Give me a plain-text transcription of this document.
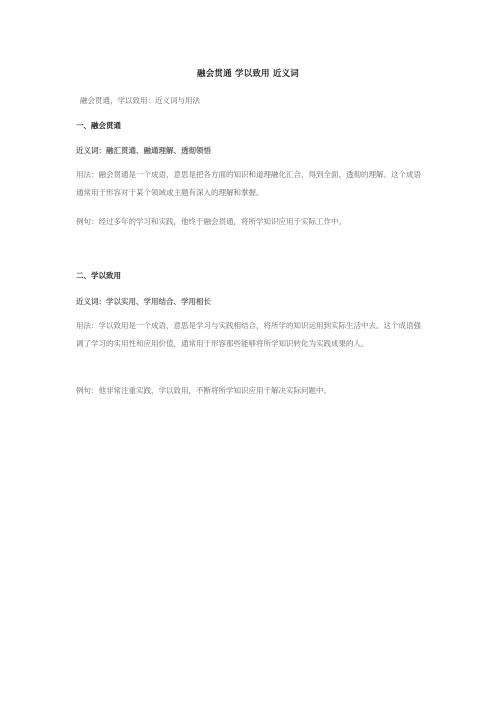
融会贯通 学以致用 近义词
融会贯通，学以致用：近义词与用法
一、融会贯通
近义词：融汇贯通、融通理解、透彻领悟
用法：融会贯通是一个成语，意思是把各方面的知识和道理融化汇合，得到全面、透彻的理解。这个成语通常用于形容对于某个领域或主题有深入的理解和掌握。
例句：经过多年的学习和实践，他终于融会贯通，将所学知识应用于实际工作中。
二、学以致用
近义词：学以实用、学用结合、学用相长
用法：学以致用是一个成语，意思是学习与实践相结合，将所学的知识运用到实际生活中去。这个成语强调了学习的实用性和应用价值，通常用于形容那些能够将所学知识转化为实践成果的人。
例句：他非常注重实践，学以致用，不断将所学知识应用于解决实际问题中。
